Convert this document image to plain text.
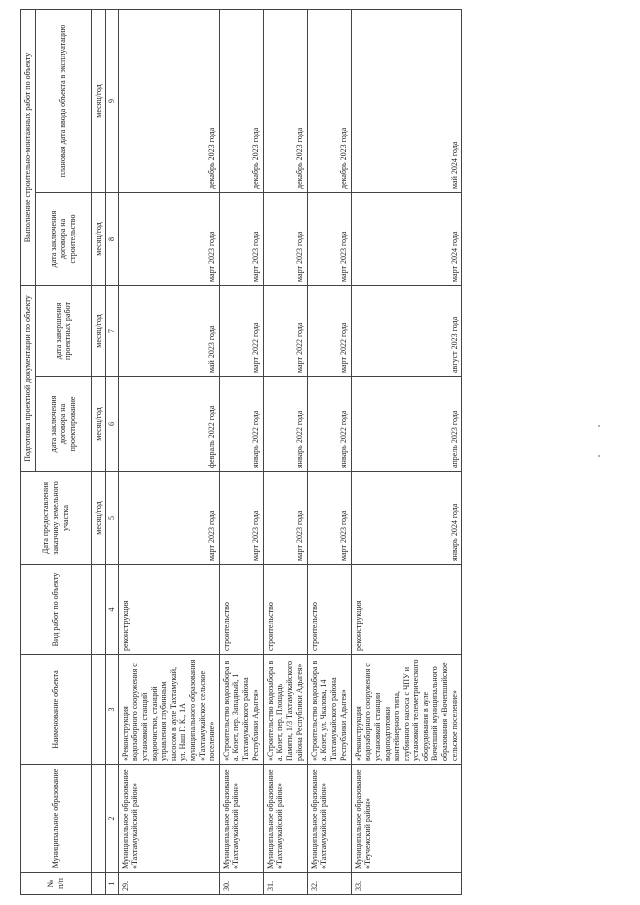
№ п/п	Муниципальное образование	Наименование объекта	Вид работ по объекту	Дата предоставления заказчику земельного участка	Подготовка проектной документации по объекту		Выполнение строительно-монтажных работ по объекту	
					дата заключения договора на проектирование	дата завершения проектных работ	дата заключения договора на строительство	плановая дата ввода объекта в эксплуатацию
				месяц/год	месяц/год	месяц/год	месяц/год	месяц/год
1	2	3	4	5	6	7	8	9
29.	Муниципальное образование «Тахтамукайский район»	«Реконструкция водозаборного сооружения с установкой станций водоочистки, станций управления глубинным насосом в ауле Тахтамукай, ул. Наш Г. К., 1А муниципального образования «Тахтамукайское сельское поселение»	реконструкция	март 2023 года	февраль 2022 года	май 2023 года	март 2023 года	декабрь 2023 года
30.	Муниципальное образование «Тахтамукайский район»	«Строительство водозабора в а. Козет, пер. Западный, 1 Тахтамукайского района Республики Адыгея»	строительство	март 2023 года	январь 2022 года	март 2022 года	март 2023 года	декабрь 2023 года
31.	Муниципальное образование «Тахтамукайский район»	«Строительство водозабора в а. Козет, пер. Площадь Памяти, 1/3 Тахтамукайского района Республики Адыгея»	строительство	март 2023 года	январь 2022 года	март 2022 года	март 2023 года	декабрь 2023 года
32.	Муниципальное образование «Тахтамукайский район»	«Строительство водозабора в а. Козет, ул. Чкалова, 14 Тахтамукайского района Республики Адыгея»	строительство	март 2023 года	январь 2022 года	март 2022 года	март 2023 года	декабрь 2023 года
33.	Муниципальное образование «Теучежский район»	«Реконструкция водозаборного сооружения с установкой станции водоподготовки контейнерного типа, глубинного насоса с ЧПУ и установкой телеметрического оборудования в ауле Вочепший муниципального образования «Вочепшийское сельское поселение»	реконструкция	январь 2024 года	апрель 2023 года	август 2023 года	март 2024 года	май 2024 года
